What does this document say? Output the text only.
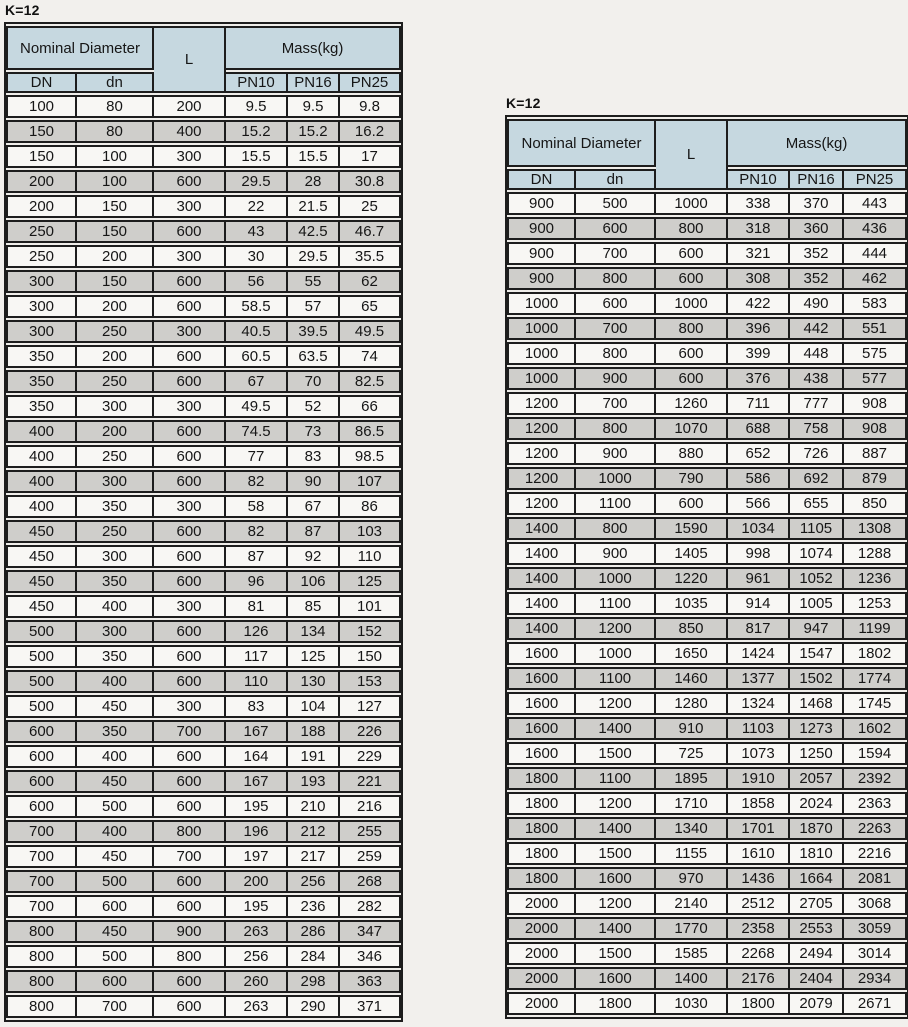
K=12
Nominal Diameter		L	Mass(kg)		
DN	dn		PN10	PN16	PN25
100	80	200	9.5	9.5	9.8
150	80	400	15.2	15.2	16.2
150	100	300	15.5	15.5	17
200	100	600	29.5	28	30.8
200	150	300	22	21.5	25
250	150	600	43	42.5	46.7
250	200	300	30	29.5	35.5
300	150	600	56	55	62
300	200	600	58.5	57	65
300	250	300	40.5	39.5	49.5
350	200	600	60.5	63.5	74
350	250	600	67	70	82.5
350	300	300	49.5	52	66
400	200	600	74.5	73	86.5
400	250	600	77	83	98.5
400	300	600	82	90	107
400	350	300	58	67	86
450	250	600	82	87	103
450	300	600	87	92	110
450	350	600	96	106	125
450	400	300	81	85	101
500	300	600	126	134	152
500	350	600	117	125	150
500	400	600	110	130	153
500	450	300	83	104	127
600	350	700	167	188	226
600	400	600	164	191	229
600	450	600	167	193	221
600	500	600	195	210	216
700	400	800	196	212	255
700	450	700	197	217	259
700	500	600	200	256	268
700	600	600	195	236	282
800	450	900	263	286	347
800	500	800	256	284	346
800	600	600	260	298	363
800	700	600	263	290	371
K=12
Nominal Diameter		L	Mass(kg)		
DN	dn		PN10	PN16	PN25
900	500	1000	338	370	443
900	600	800	318	360	436
900	700	600	321	352	444
900	800	600	308	352	462
1000	600	1000	422	490	583
1000	700	800	396	442	551
1000	800	600	399	448	575
1000	900	600	376	438	577
1200	700	1260	711	777	908
1200	800	1070	688	758	908
1200	900	880	652	726	887
1200	1000	790	586	692	879
1200	1100	600	566	655	850
1400	800	1590	1034	1105	1308
1400	900	1405	998	1074	1288
1400	1000	1220	961	1052	1236
1400	1100	1035	914	1005	1253
1400	1200	850	817	947	1199
1600	1000	1650	1424	1547	1802
1600	1100	1460	1377	1502	1774
1600	1200	1280	1324	1468	1745
1600	1400	910	1103	1273	1602
1600	1500	725	1073	1250	1594
1800	1100	1895	1910	2057	2392
1800	1200	1710	1858	2024	2363
1800	1400	1340	1701	1870	2263
1800	1500	1155	1610	1810	2216
1800	1600	970	1436	1664	2081
2000	1200	2140	2512	2705	3068
2000	1400	1770	2358	2553	3059
2000	1500	1585	2268	2494	3014
2000	1600	1400	2176	2404	2934
2000	1800	1030	1800	2079	2671
